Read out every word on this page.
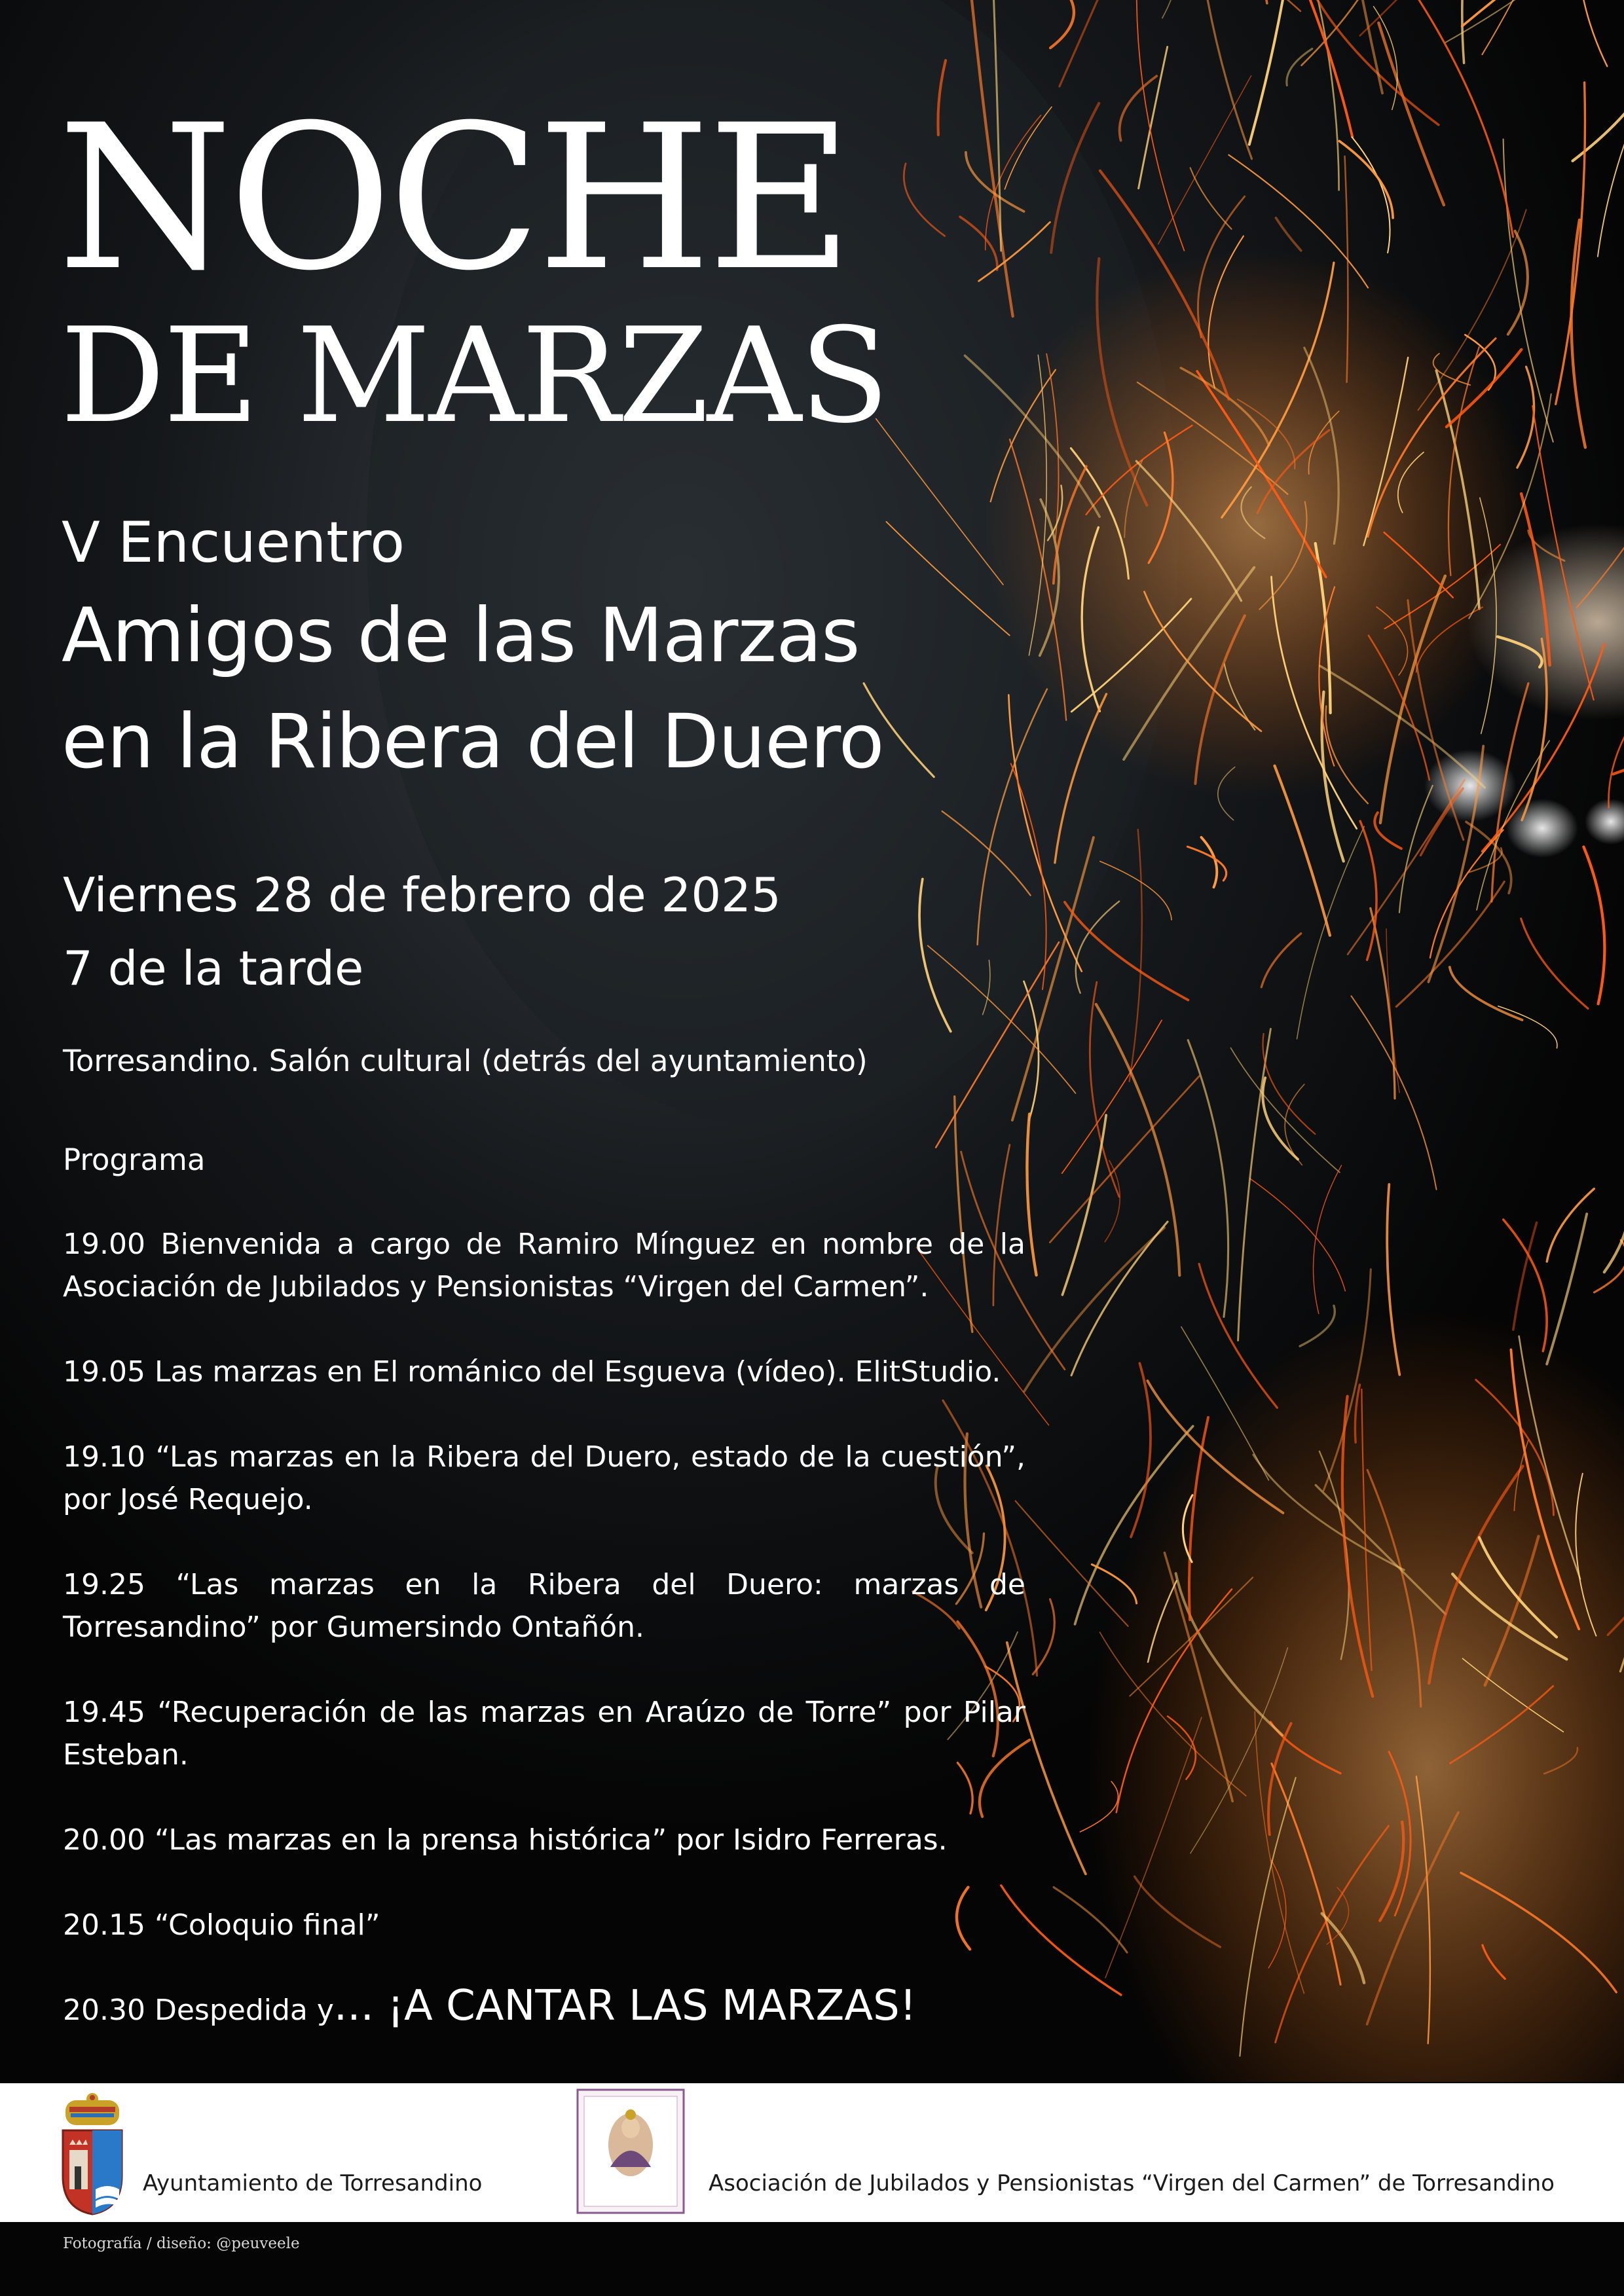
NOCHE
DE MARZAS
V Encuentro
Amigos de las Marzas
en la Ribera del Duero
Viernes 28 de febrero de 2025
7 de la tarde
Torresandino. Salón cultural (detrás del ayuntamiento)
Programa
19.00 Bienvenida a cargo de Ramiro Mínguez en nombre de la Asociación de Jubilados y Pensionistas “Virgen del Carmen”.
19.05 Las marzas en El románico del Esgueva (vídeo). ElitStudio.
19.10 “Las marzas en la Ribera del Duero, estado de la cuestión”, por José Requejo.
19.25 “Las marzas en la Ribera del Duero: marzas de Torresandino” por Gumersindo Ontañón.
19.45 “Recuperación de las marzas en Araúzo de Torre” por Pilar Esteban.
20.00 “Las marzas en la prensa histórica” por Isidro Ferreras.
20.15 “Coloquio final”
20.30 Despedida y... ¡A CANTAR LAS MARZAS!
Ayuntamiento de Torresandino	Asociación de Jubilados y Pensionistas “Virgen del Carmen” de Torresandino
Fotografía / diseño: @peuveele
